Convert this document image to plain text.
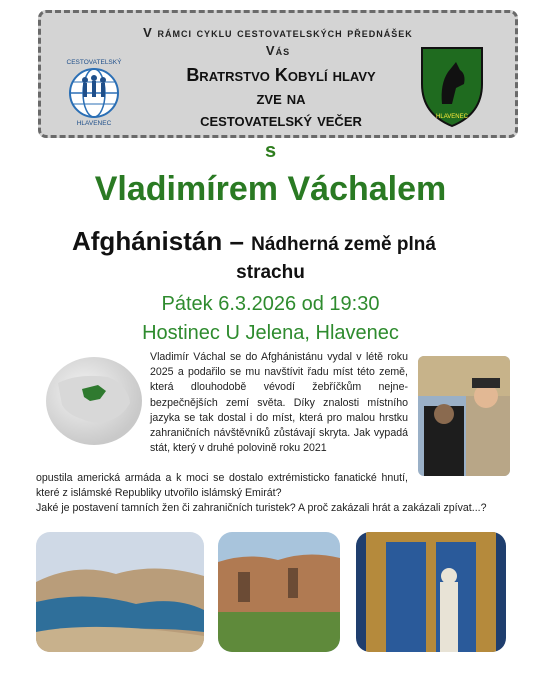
V rámci cyklu cestovatelských přednášek
Vás
Bratrstvo Kobylí hlavy
zve na
cestovatelský večer
CESTOVATELSKÝ
HLAVENEC
HLAVENEC
s
Vladimírem Váchalem
Afghánistán – Nádherná země plná
strachu
Pátek 6.3.2026 od 19:30
Hostinec U Jelena, Hlavenec
Vladimír Váchal se do Afghánistánu vydal v létě roku 2025 a podařilo se mu navštívit řadu míst této země, která dlouhodobě vévodí žebříčkům nejne-bezpečnějších zemí světa. Díky znalosti místního jazyka se tak dostal i do míst, která pro malou hrstku zahraničních návštěvníků zůstávají skryta. Jak vypadá stát, který v druhé polovině roku 2021
opustila americká armáda a k moci se dostalo extrémisticko fanatické hnutí, které z islámské Republiky utvořilo islámský Emirát?
Jaké je postavení tamních žen či zahraničních turistek? A proč zakázali hrát a zakázali zpívat...?
